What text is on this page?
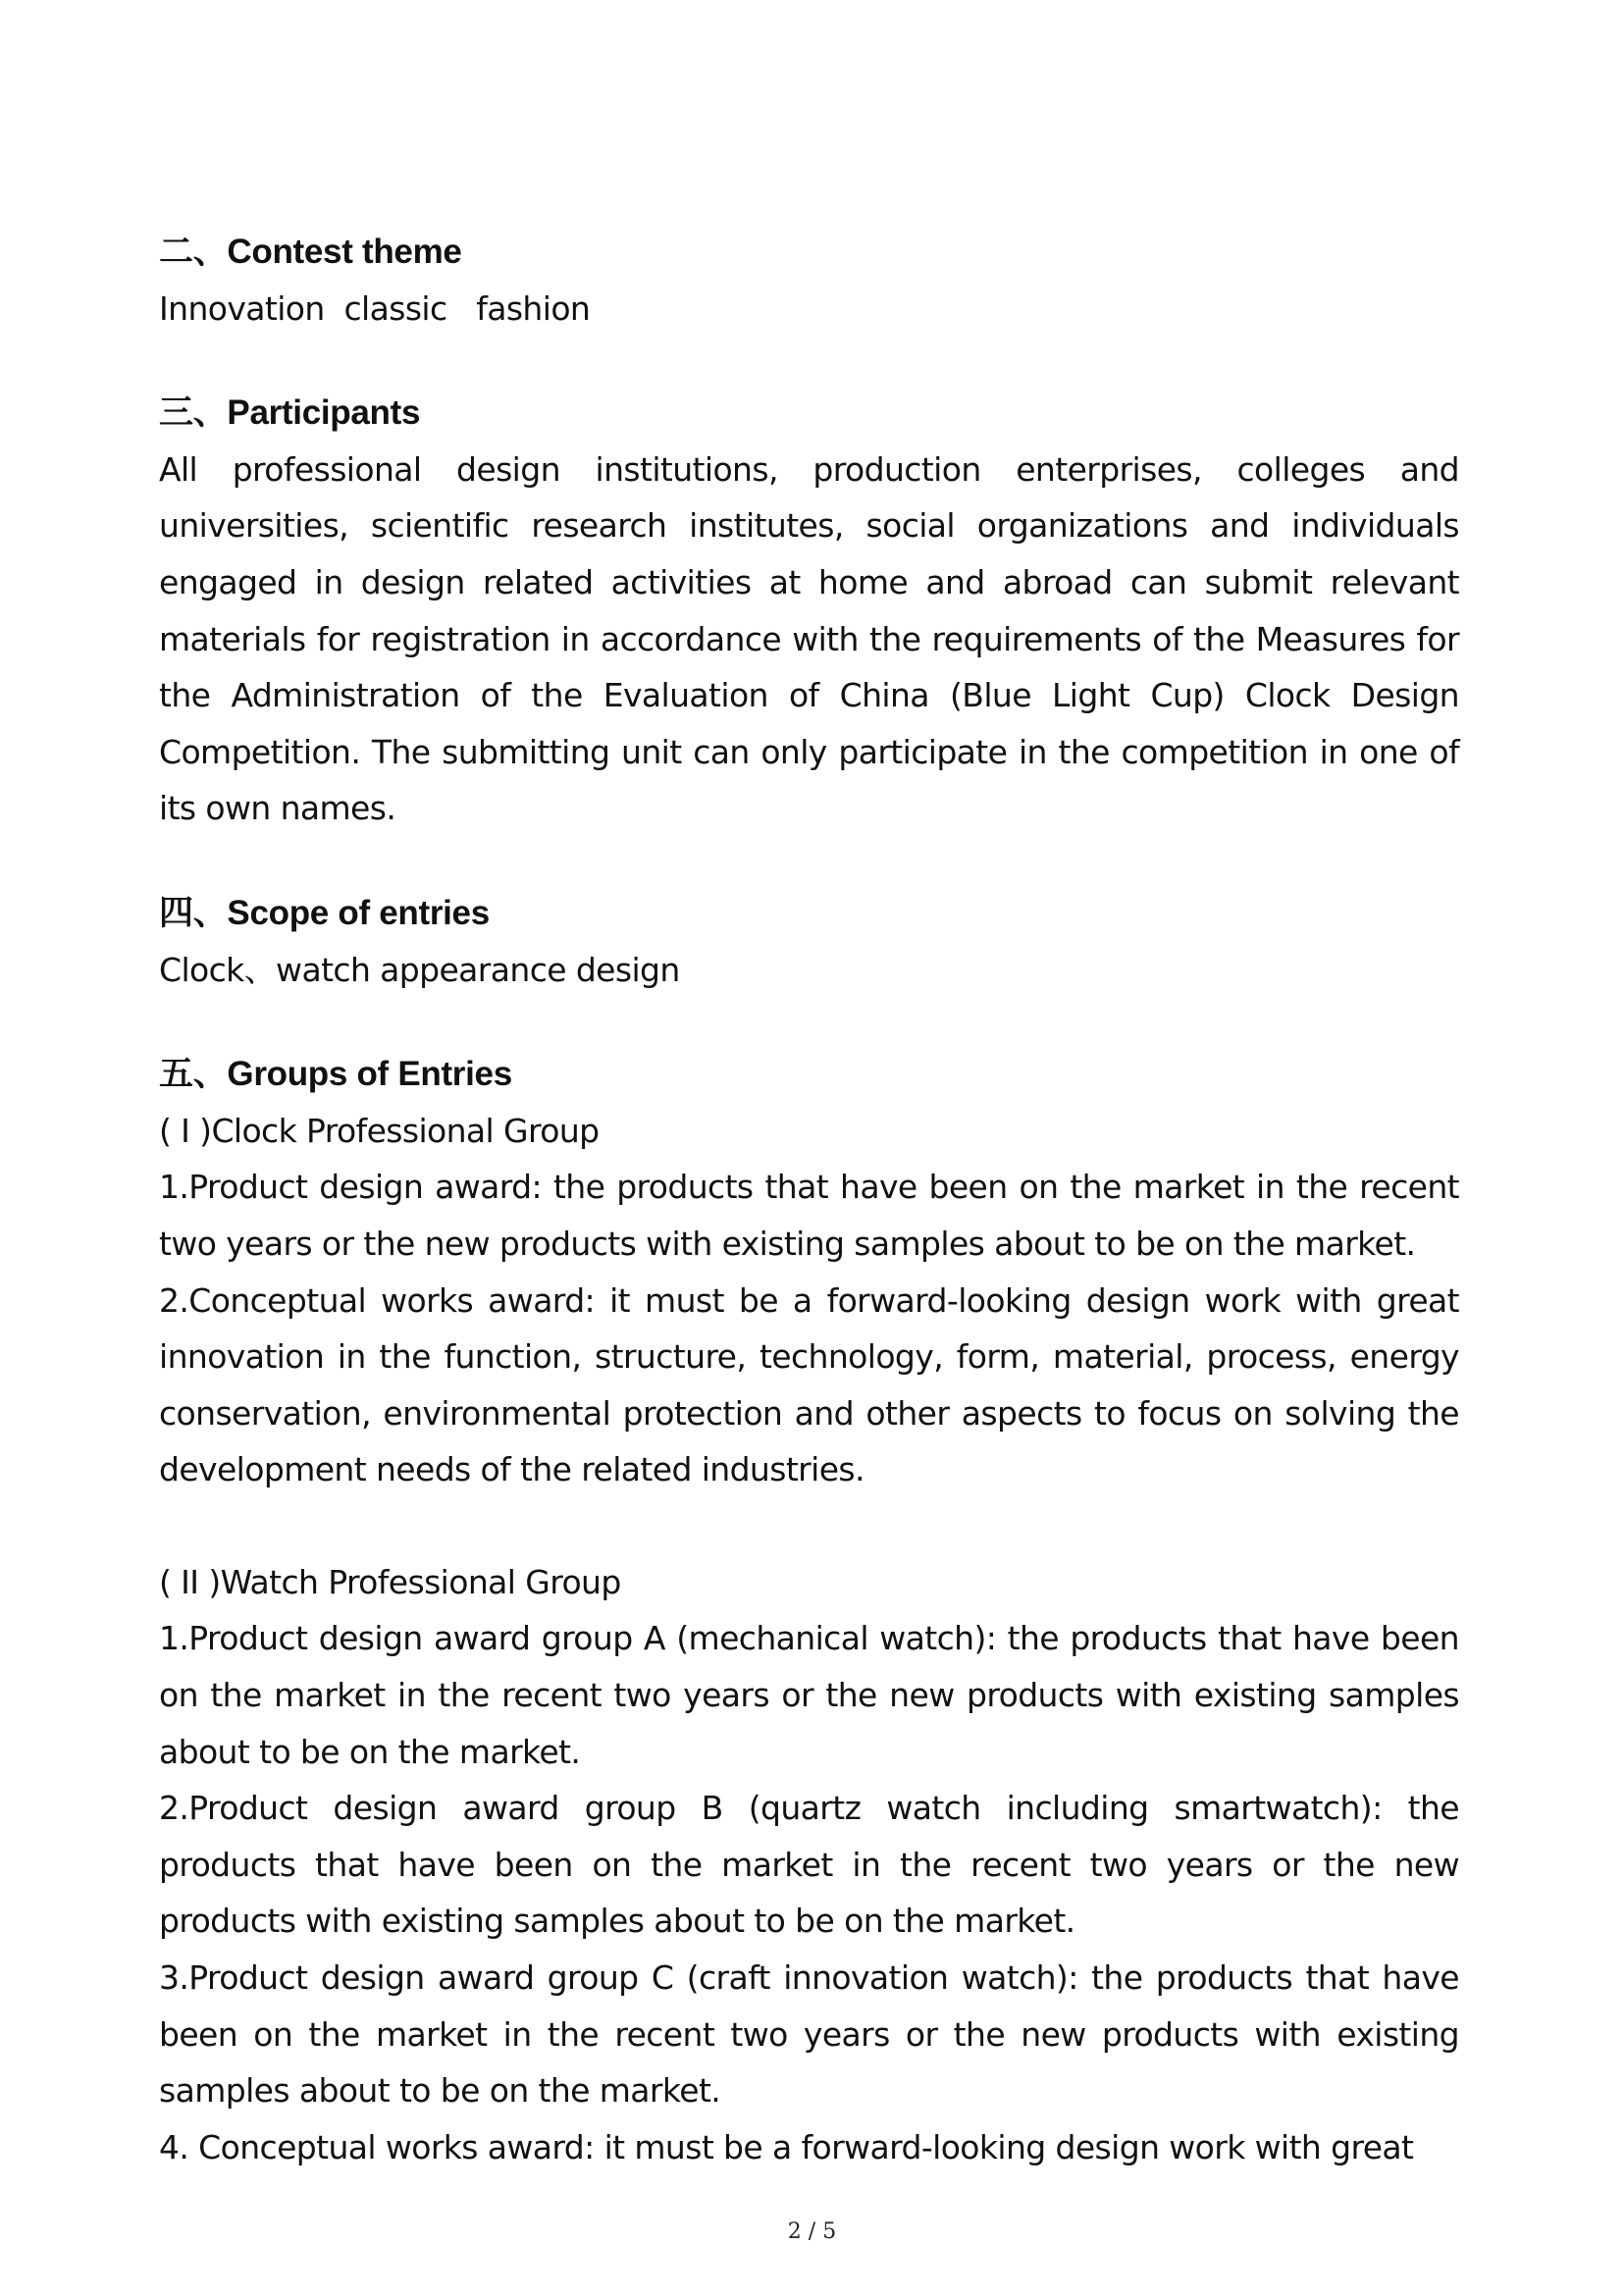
二、Contest theme
Innovation  classic   fashion
三、Participants
All professional design institutions, production enterprises, colleges and universities, scientific research institutes, social organizations and individuals engaged in design related activities at home and abroad can submit relevant materials for registration in accordance with the requirements of the Measures for the Administration of the Evaluation of China (Blue Light Cup) Clock Design Competition. The submitting unit can only participate in the competition in one of its own names.
四、Scope of entries
Clock、watch appearance design
五、Groups of Entries
( I )Clock Professional Group
1.Product design award: the products that have been on the market in the recent two years or the new products with existing samples about to be on the market.
2.Conceptual works award: it must be a forward-looking design work with great innovation in the function, structure, technology, form, material, process, energy conservation, environmental protection and other aspects to focus on solving the development needs of the related industries.
( II )Watch Professional Group
1.Product design award group A (mechanical watch): the products that have been on the market in the recent two years or the new products with existing samples about to be on the market.
2.Product design award group B (quartz watch including smartwatch): the products that have been on the market in the recent two years or the new products with existing samples about to be on the market.
3.Product design award group C (craft innovation watch): the products that have been on the market in the recent two years or the new products with existing samples about to be on the market.
4. Conceptual works award: it must be a forward-looking design work with great
2 / 5
